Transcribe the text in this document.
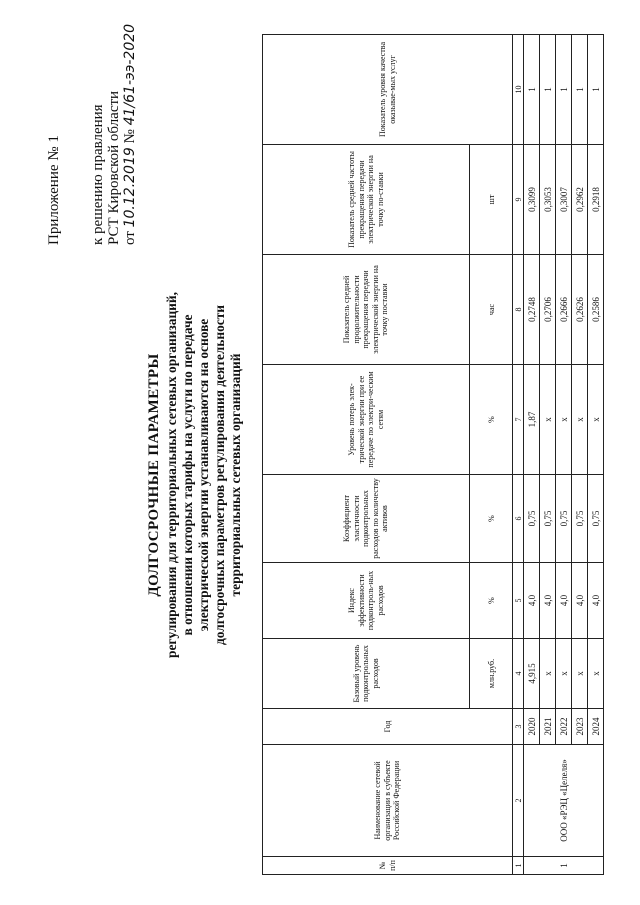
Приложение № 1 к решению правления РСТ Кировской области от 10.12.2019 № 41/61-ээ-2020
ДОЛГОСРОЧНЫЕ ПАРАМЕТРЫ регулирования для территориальных сетевых организаций, в отношении которых тарифы на услуги по передаче электрической энергии устанавливаются на основе долгосрочных параметров регулирования деятельности территориальных сетевых организаций
№ п/п	Наименование сетевой организации в субъекте Российской Федерации	Год	Базовый уровень подконтрольных расходов	Индекс эффективности подконтроль-ных расходов	Коэффициент эластичности подконтрольных расходов по количеству активов	Уровень потерь элек-трической энергии при ее передаче по электри-ческим сетям	Показатель средней продолжительности прекращения передачи электрической энергии на точку поставки	Показатель средней частоты прекращения передачи электрической энергии на точку по-ставки	Показатель уровня качества оказывае-мых услуг
			млн.руб.	%	%	%	час	шт	
1	2	3	4	5	6	7	8	9	10
1	ООО «РЭЦ «Целеля»	2020	4,915	4,0	0,75	1,87	0,2748	0,3099	1
		2021	х	4,0	0,75	х	0,2706	0,3053	1
		2022	х	4,0	0,75	х	0,2666	0,3007	1
		2023	х	4,0	0,75	х	0,2626	0,2962	1
		2024	х	4,0	0,75	х	0,2586	0,2918	1
